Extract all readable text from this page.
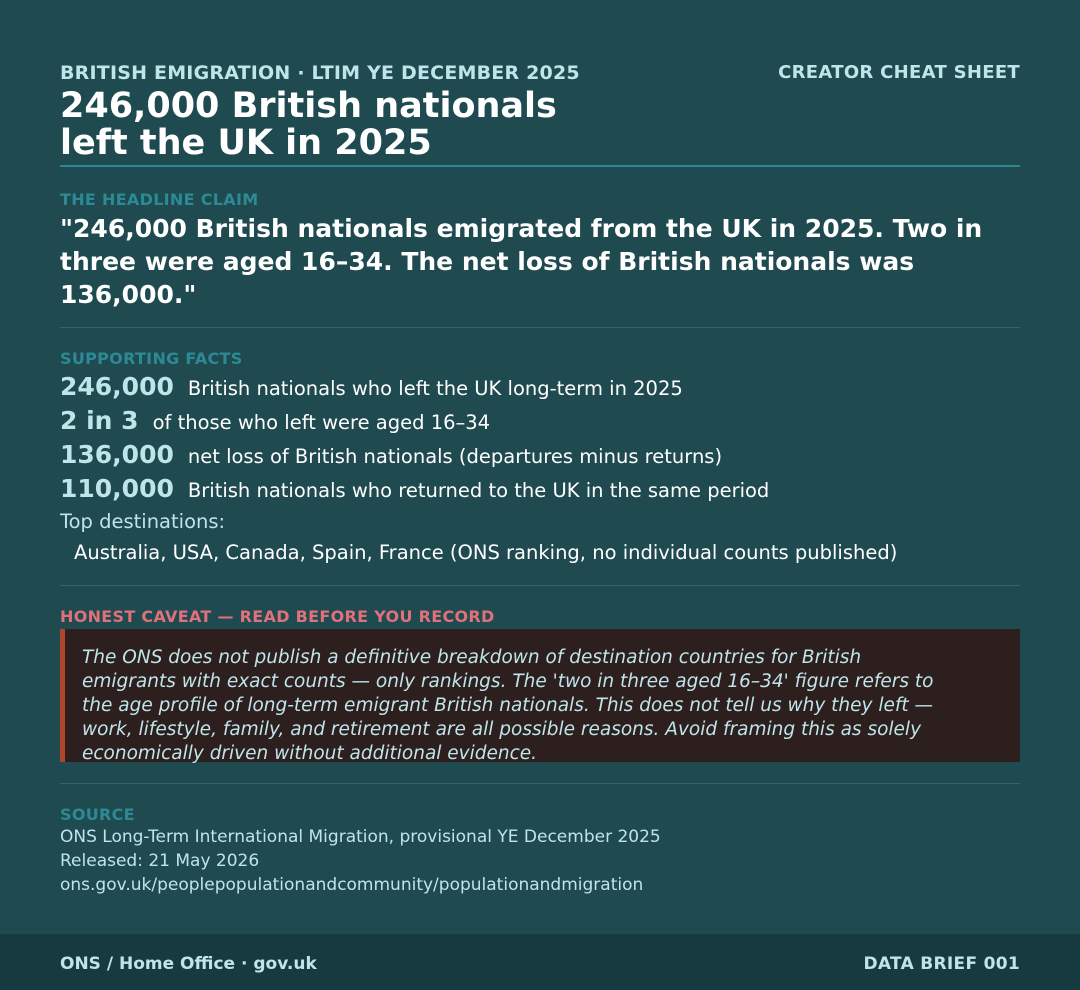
BRITISH EMIGRATION · LTIM YE DECEMBER 2025	CREATOR CHEAT SHEET
246,000 British nationals
left the UK in 2025
THE HEADLINE CLAIM
"246,000 British nationals emigrated from the UK in 2025. Two in three were aged 16–34. The net loss of British nationals was 136,000."
SUPPORTING FACTS
246,000 British nationals who left the UK long-term in 2025
2 in 3 of those who left were aged 16–34
136,000 net loss of British nationals (departures minus returns)
110,000 British nationals who returned to the UK in the same period
Top destinations:
Australia, USA, Canada, Spain, France (ONS ranking, no individual counts published)
HONEST CAVEAT — READ BEFORE YOU RECORD
The ONS does not publish a definitive breakdown of destination countries for British
emigrants with exact counts — only rankings. The 'two in three aged 16–34' figure refers to
the age profile of long-term emigrant British nationals. This does not tell us why they left —
work, lifestyle, family, and retirement are all possible reasons. Avoid framing this as solely
economically driven without additional evidence.
SOURCE
ONS Long-Term International Migration, provisional YE December 2025
Released: 21 May 2026
ons.gov.uk/peoplepopulationandcommunity/populationandmigration
ONS / Home Office · gov.uk	DATA BRIEF 001
